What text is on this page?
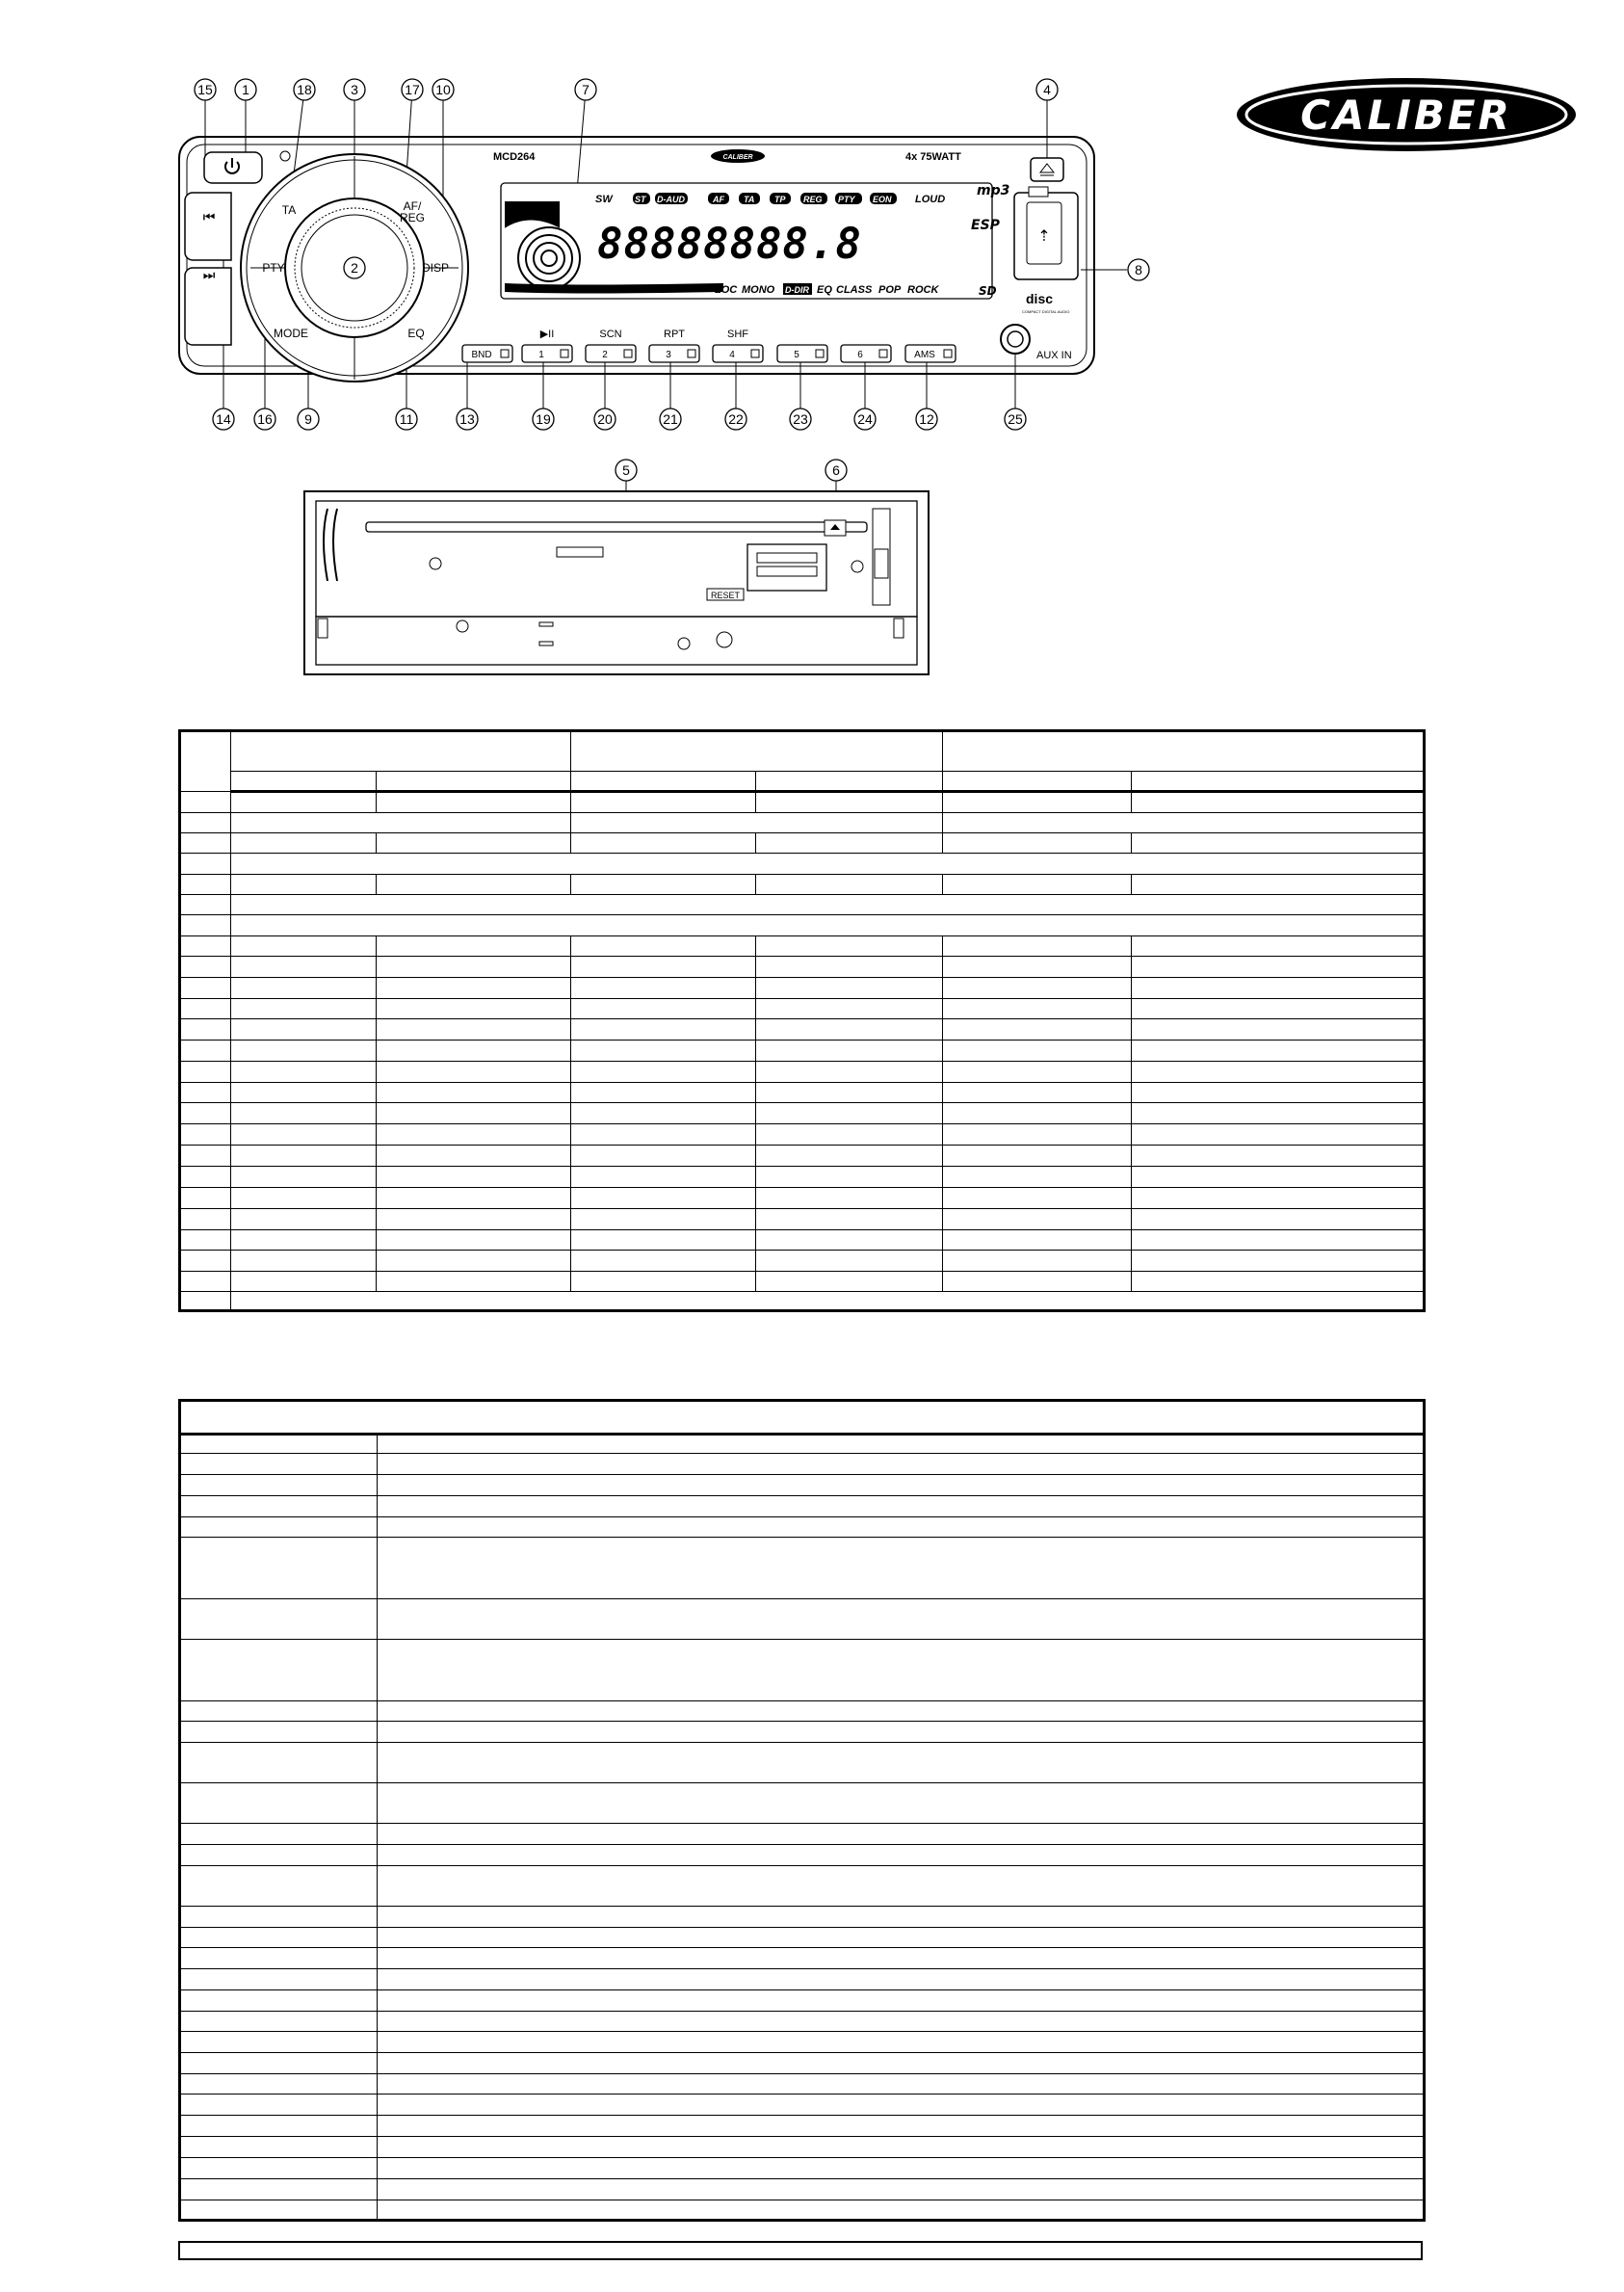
CALIBER
15 1	18	3	17 10	7	4
14 16 9	11	13	19	20	21	22	23	24	12	25
8
⏮
⏭	2
TA	AF/
REG
DISP
PTY
MODE	EQ
MCD264	CALIBER	4x 75WATT
SW	ST D-AUD	AF TA TP REG PTY EON LOUD
88888888.8
LOC MONO D-DIR EQ CLASS POP ROCK
mp3
ESP
SD disc
COMPACT DIGITAL AUDIO
⇡
BND	1	2	3	4	5	6	AMS
▶II	SCN	RPT	SHF
AUX IN
5	6
RESET
